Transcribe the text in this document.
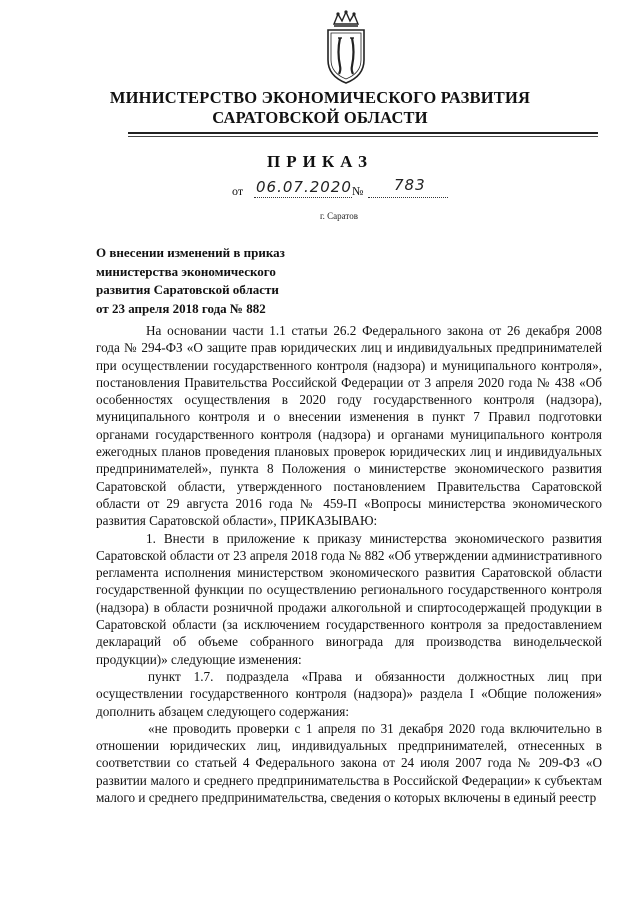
МИНИСТЕРСТВО ЭКОНОМИЧЕСКОГО РАЗВИТИЯ
САРАТОВСКОЙ ОБЛАСТИ
ПРИКАЗ
от 06.07.2020 № 783
г. Саратов
О внесении изменений в приказ
министерства экономического
развития Саратовской области
от 23 апреля 2018 года № 882

На основании части 1.1 статьи 26.2 Федерального закона от 26 декабря 2008 года № 294-ФЗ «О защите прав юридических лиц и индивидуальных предпринимателей при осуществлении государственного контроля (надзора) и муниципального контроля», постановления Правительства Российской Федерации от 3 апреля 2020 года № 438 «Об особенностях осуществления в 2020 году государственного контроля (надзора), муниципального контроля и о внесении изменения в пункт 7 Правил подготовки органами государственного контроля (надзора) и органами муниципального контроля ежегодных планов проведения плановых проверок юридических лиц и индивидуальных предпринимателей», пункта 8 Положения о министерстве экономического развития Саратовской области, утвержденного постановлением Правительства Саратовской области от 29 августа 2016 года № 459-П «Вопросы министерства экономического развития Саратовской области», ПРИКАЗЫВАЮ:

1. Внести в приложение к приказу министерства экономического развития Саратовской области от 23 апреля 2018 года № 882 «Об утверждении административного регламента исполнения министерством экономического развития Саратовской области государственной функции по осуществлению регионального государственного контроля (надзора) в области розничной продажи алкогольной и спиртосодержащей продукции в Саратовской области (за исключением государственного контроля за предоставлением деклараций об объеме собранного винограда для производства винодельческой продукции)» следующие изменения:

пункт 1.7. подраздела «Права и обязанности должностных лиц при осуществлении государственного контроля (надзора)» раздела I «Общие положения» дополнить абзацем следующего содержания:

«не проводить проверки с 1 апреля по 31 декабря 2020 года включительно в отношении юридических лиц, индивидуальных предпринимателей, отнесенных в соответствии со статьей 4 Федерального закона от 24 июля 2007 года № 209-ФЗ «О развитии малого и среднего предпринимательства в Российской Федерации» к субъектам малого и среднего предпринимательства, сведения о которых включены в единый реестр
